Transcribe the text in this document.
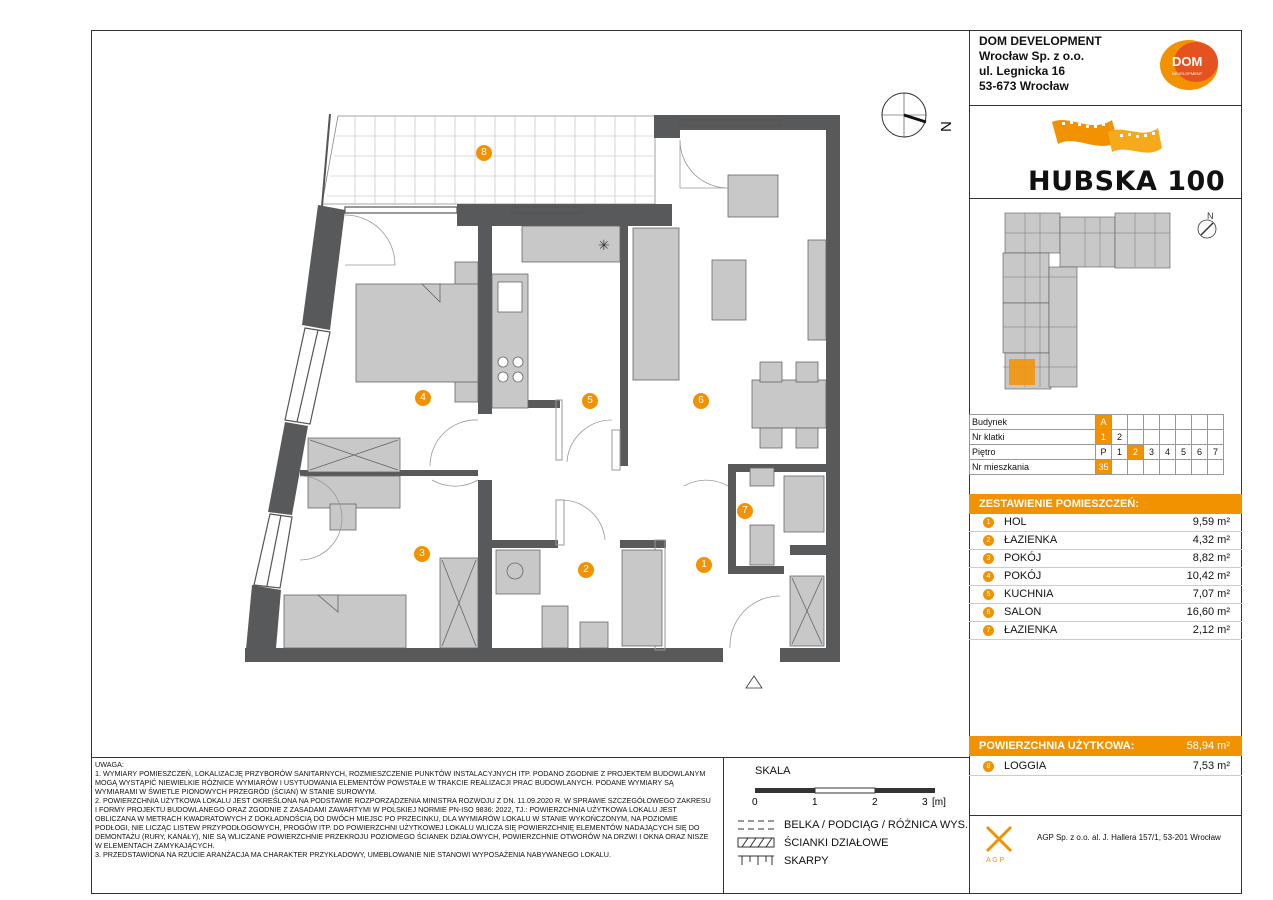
DOM DEVELOPMENT
Wrocław Sp. z o.o.
ul. Legnicka 16
53-673 Wrocław
DOM
DEVELOPMENT
HUBSKA 100
N
Budynek	A							
Nr klatki	1	2						
Piętro	P	1	2	3	4	5	6	7
Nr mieszkania	35							
ZESTAWIENIE POMIESZCZEŃ:
1	HOL	9,59 m²
2	ŁAZIENKA	4,32 m²
3	POKÓJ	8,82 m²
4	POKÓJ	10,42 m²
5	KUCHNIA	7,07 m²
6	SALON	16,60 m²
7	ŁAZIENKA	2,12 m²
POWIERZCHNIA UŻYTKOWA:	58,94 m²
8	LOGGIA	7,53 m²
UWAGA:
1. WYMIARY POMIESZCZEŃ, LOKALIZACJĘ PRZYBORÓW SANITARNYCH, ROZMIESZCZENIE PUNKTÓW INSTALACYJNYCH ITP. PODANO ZGODNIE Z PROJEKTEM BUDOWLANYM
MOGĄ WYSTĄPIĆ NIEWIELKIE RÓŻNICE WYMIARÓW I USYTUOWANIA ELEMENTÓW POWSTAŁE W TRAKCIE REALIZACJI PRAC BUDOWLANYCH. PODANE WYMIARY SĄ
WYMIARAMI W ŚWIETLE PIONOWYCH PRZEGRÓD (ŚCIAN) W STANIE SUROWYM.
2. POWIERZCHNIA UŻYTKOWA LOKALU JEST OKREŚLONA NA PODSTAWIE ROZPORZĄDZENIA MINISTRA ROZWOJU Z DN. 11.09.2020 R. W SPRAWIE SZCZEGÓŁOWEGO ZAKRESU
I FORMY PROJEKTU BUDOWLANEGO ORAZ ZGODNIE Z ZASADAMI ZAWARTYMI W POLSKIEJ NORMIE PN-ISO 9836: 2022, TJ.: POWIERZCHNIA UŻYTKOWA LOKALU JEST
OBLICZANA W METRACH KWADRATOWYCH Z DOKŁADNOŚCIĄ DO DWÓCH MIEJSC PO PRZECINKU, DLA WYMIARÓW LOKALU W STANIE WYKOŃCZONYM, NA POZIOMIE
PODŁOGI, NIE LICZĄC LISTEW PRZYPODŁOGOWYCH, PROGÓW ITP. DO POWIERZCHNI UŻYTKOWEJ LOKALU WLICZA SIĘ POWIERZCHNIĘ ELEMENTÓW NADAJĄCYCH SIĘ DO
DEMONTAŻU (RURY, KANAŁY), NIE SĄ WLICZANE POWIERZCHNIE PRZEKROJU POZIOMEGO ŚCIANEK DZIAŁOWYCH, POWIERZCHNIE OTWORÓW NA DRZWI I OKNA ORAZ NISZE
W ELEMENTACH ZAMYKAJĄCYCH.
3. PRZEDSTAWIONA NA RZUCIE ARANŻACJA MA CHARAKTER PRZYKŁADOWY, UMEBLOWANIE NIE STANOWI WYPOSAŻENIA NABYWANEGO LOKALU.
SKALA
0	1	2	3 [m]
BELKA / PODCIĄG / RÓŻNICA WYS.
ŚCIANKI DZIAŁOWE
SKARPY	A G P
AGP Sp. z o.o. al. J. Hallera 157/1, 53-201 Wrocław
N
✳
8
4	5	6
7
3
2	1
